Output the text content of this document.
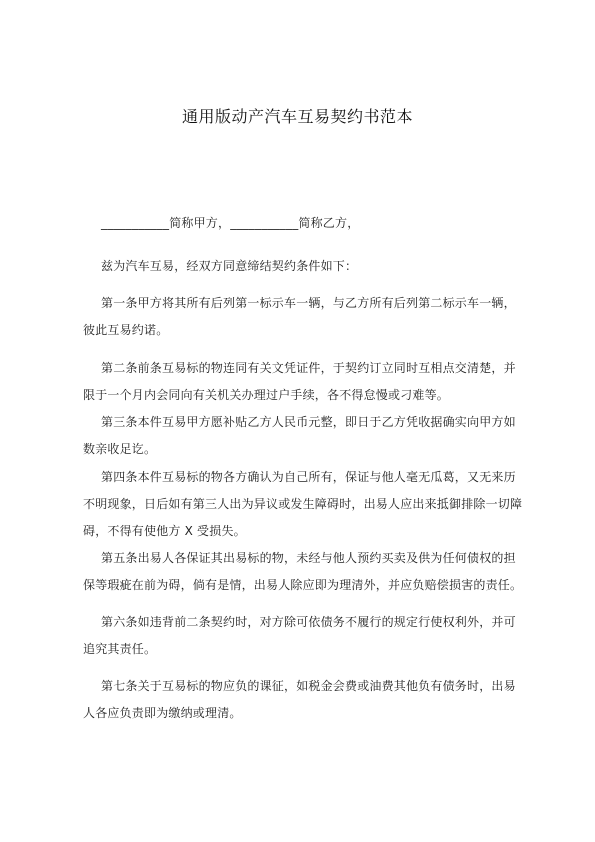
通用版动产汽车互易契约书范本

___________简称甲方，___________简称乙方，

兹为汽车互易，经双方同意缔结契约条件如下：

第一条甲方将其所有后列第一标示车一辆，与乙方所有后列第二标示车一辆，彼此互易约诺。

第二条前条互易标的物连同有关文凭证件，于契约订立同时互相点交清楚，并限于一个月内会同向有关机关办理过户手续，各不得怠慢或刁难等。

第三条本件互易甲方愿补贴乙方人民币元整，即日于乙方凭收据确实向甲方如数亲收足讫。

第四条本件互易标的物各方确认为自己所有，保证与他人毫无瓜葛，又无来历不明现象，日后如有第三人出为异议或发生障碍时，出易人应出来抵御排除一切障碍，不得有使他方 X 受损失。

第五条出易人各保证其出易标的物，未经与他人预约买卖及供为任何债权的担保等瑕疵在前为碍，倘有是情，出易人除应即为理清外，并应负赔偿损害的责任。

第六条如违背前二条契约时，对方除可依债务不履行的规定行使权利外，并可追究其责任。

第七条关于互易标的物应负的课征，如税金会费或油费其他负有债务时，出易人各应负责即为缴纳或理清。
